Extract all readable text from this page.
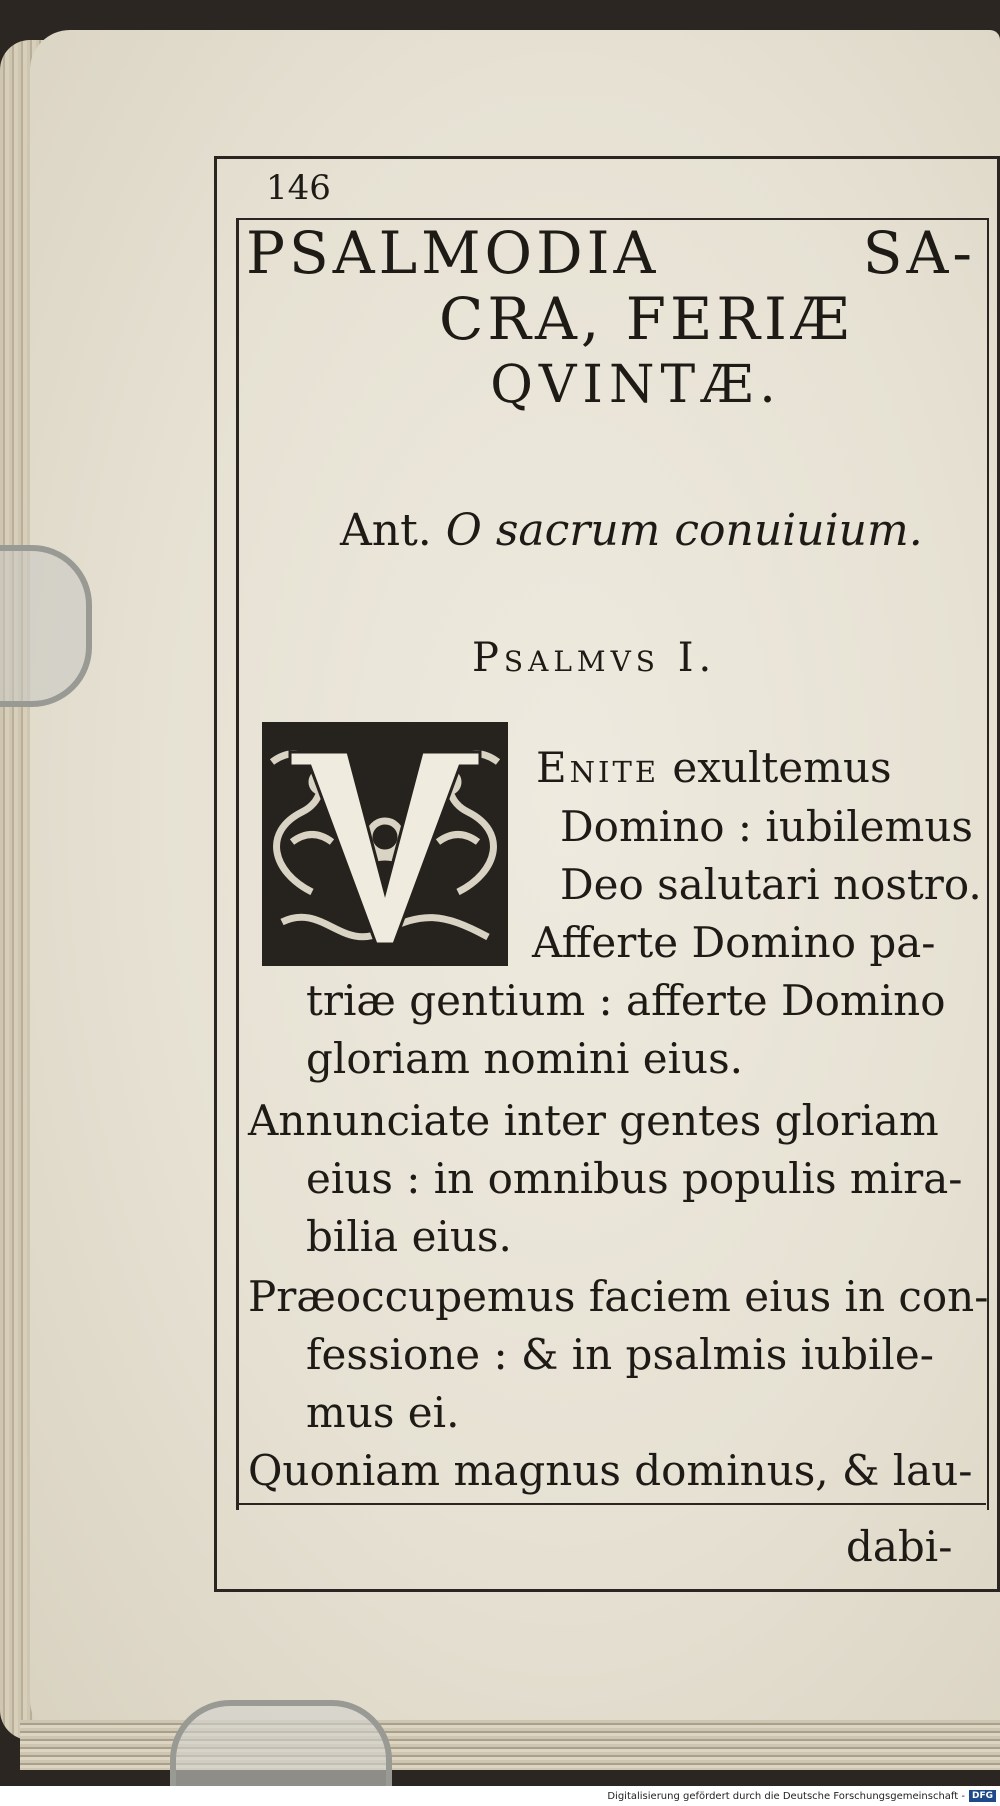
146
PSALMODIA	SA-
CRA, FERIÆ
QVINTÆ.
Ant. O sacrum conuiuium.
Psalmvs I.
Enite exultemus
Domino : iubilemus
Deo salutari nostro.
Afferte Domino pa-
triæ gentium : afferte Domino
gloriam nomini eius.
Annunciate inter gentes gloriam
eius : in omnibus populis mira-
bilia eius.
Præoccupemus faciem eius in con-
fessione : & in psalmis iubile-
mus ei.
Quoniam magnus dominus, & lau-
dabi-
Digitalisierung gefördert durch die Deutsche Forschungsgemeinschaft - DFG
